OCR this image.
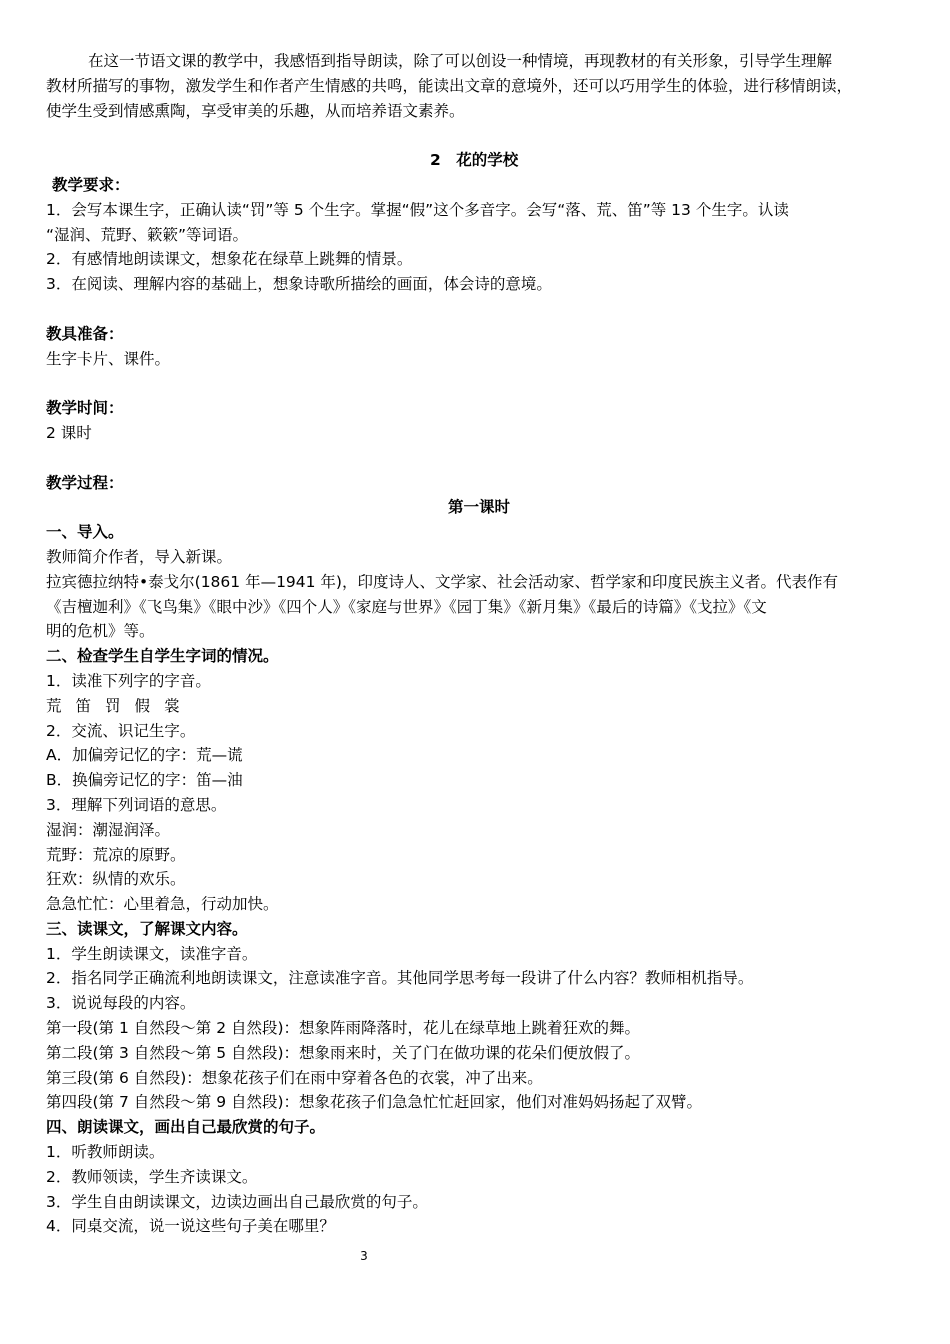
在这一节语文课的教学中，我感悟到指导朗读，除了可以创设一种情境，再现教材的有关形象，引导学生理解
教材所描写的事物，激发学生和作者产生情感的共鸣，能读出文章的意境外，还可以巧用学生的体验，进行移情朗读，
使学生受到情感熏陶，享受审美的乐趣，从而培养语文素养。
2　花的学校
教学要求：
1．会写本课生字，正确认读“罚”等 5 个生字。掌握“假”这个多音字。会写“落、荒、笛”等 13 个生字。认读
“湿润、荒野、簌簌”等词语。
2．有感情地朗读课文，想象花在绿草上跳舞的情景。
3．在阅读、理解内容的基础上，想象诗歌所描绘的画面，体会诗的意境。
教具准备：
生字卡片、课件。
教学时间：
2 课时
教学过程：
第一课时
一、导入。
教师简介作者，导入新课。
拉宾德拉纳特•泰戈尔(1861 年—1941 年)，印度诗人、文学家、社会活动家、哲学家和印度民族主义者。代表作有
《吉檀迦利》《飞鸟集》《眼中沙》《四个人》《家庭与世界》《园丁集》《新月集》《最后的诗篇》《戈拉》《文
明的危机》等。
二、检查学生自学生字词的情况。
1．读准下列字的字音。
荒 笛 罚 假 裳
2．交流、识记生字。
A．加偏旁记忆的字：荒—谎
B．换偏旁记忆的字：笛—油
3．理解下列词语的意思。
湿润：潮湿润泽。
荒野：荒凉的原野。
狂欢：纵情的欢乐。
急急忙忙：心里着急，行动加快。
三、读课文，了解课文内容。
1．学生朗读课文，读准字音。
2．指名同学正确流利地朗读课文，注意读准字音。其他同学思考每一段讲了什么内容？教师相机指导。
3．说说每段的内容。
第一段(第 1 自然段～第 2 自然段)：想象阵雨降落时，花儿在绿草地上跳着狂欢的舞。
第二段(第 3 自然段～第 5 自然段)：想象雨来时，关了门在做功课的花朵们便放假了。
第三段(第 6 自然段)：想象花孩子们在雨中穿着各色的衣裳，冲了出来。
第四段(第 7 自然段～第 9 自然段)：想象花孩子们急急忙忙赶回家，他们对准妈妈扬起了双臂。
四、朗读课文，画出自己最欣赏的句子。
1．听教师朗读。
2．教师领读，学生齐读课文。
3．学生自由朗读课文，边读边画出自己最欣赏的句子。
4．同桌交流，说一说这些句子美在哪里？
3
